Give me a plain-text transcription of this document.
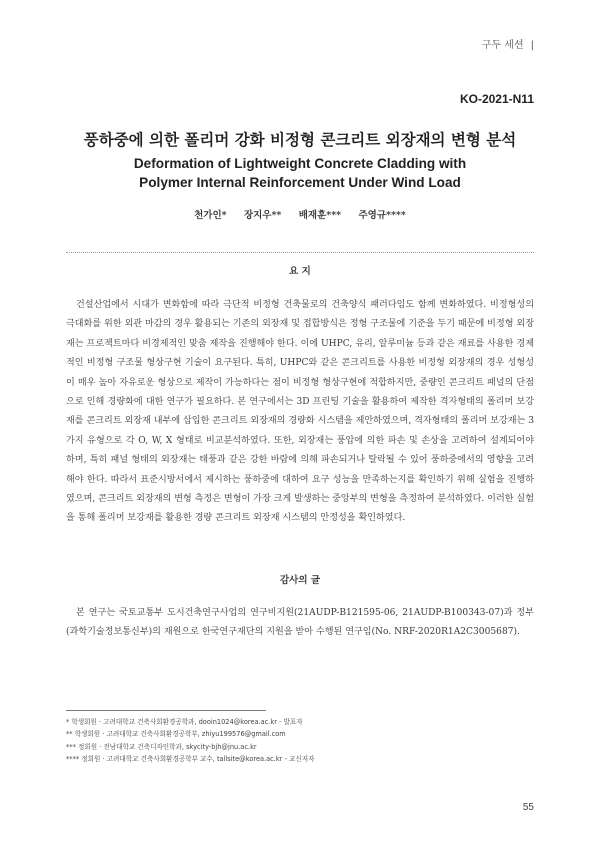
구두 세션 |
KO-2021-N11
풍하중에 의한 폴리머 강화 비정형 콘크리트 외장재의 변형 분석
Deformation of Lightweight Concrete Cladding with
Polymer Internal Reinforcement Under Wind Load
천가인* 장지우** 배재훈*** 주영규****
요 지

건설산업에서 시대가 변화함에 따라 극단적 비정형 건축물로의 건축양식 패러다임도 함께 변화하였다. 비정형성의 극대화를 위한 외관 마감의 경우 활용되는 기존의 외장재 및 접합방식은 정형 구조물에 기준을 두기 때문에 비정형 외장재는 프로젝트마다 비경제적인 맞춤 제작을 진행해야 한다. 이에 UHPC, 유리, 알루미늄 등과 같은 재료를 사용한 경제적인 비정형 구조물 형상구현 기술이 요구된다. 특히, UHPC와 같은 콘크리트를 사용한 비정형 외장재의 경우 성형성이 매우 높아 자유로운 형상으로 제작이 가능하다는 점이 비정형 형상구현에 적합하지만, 중량인 콘크리트 패널의 단점으로 인해 경량화에 대한 연구가 필요하다. 본 연구에서는 3D 프린팅 기술을 활용하여 제작한 격자형태의 폴리머 보강재를 콘크리트 외장재 내부에 삽입한 콘크리트 외장재의 경량화 시스템을 제안하였으며, 격자형태의 폴리머 보강재는 3가지 유형으로 각 O, W, X 형태로 비교분석하였다. 또한, 외장재는 풍압에 의한 파손 및 손상을 고려하여 설계되어야 하며, 특히 패널 형태의 외장재는 태풍과 같은 강한 바람에 의해 파손되거나 탈락될 수 있어 풍하중에서의 영향을 고려해야 한다. 따라서 표준시방서에서 제시하는 풍하중에 대하여 요구 성능을 만족하는지를 확인하기 위해 실험을 진행하였으며, 콘크리트 외장재의 변형 측정은 변형이 가장 크게 발생하는 중앙부의 변형을 측정하여 분석하였다. 이러한 실험을 통해 폴리머 보강재를 활용한 경량 콘크리트 외장재 시스템의 안정성을 확인하였다.

감사의 글

본 연구는 국토교통부 도시건축연구사업의 연구비지원(21AUDP-B121595-06, 21AUDP-B100343-07)과 정부(과학기술정보통신부)의 재원으로 한국연구재단의 지원을 받아 수행된 연구임(No. NRF-2020R1A2C3005687).

* 학생회원 · 고려대학교 건축사회환경공학과, dooin1024@korea.ac.kr - 발표자
** 학생회원 · 고려대학교 건축사회환경공학부, zhiyu199576@gmail.com
*** 정회원 · 전남대학교 건축디자인학과, skycity-bjh@jnu.ac.kr
**** 정회원 · 고려대학교 건축사회환경공학부 교수, tallsite@korea.ac.kr - 교신저자
55
